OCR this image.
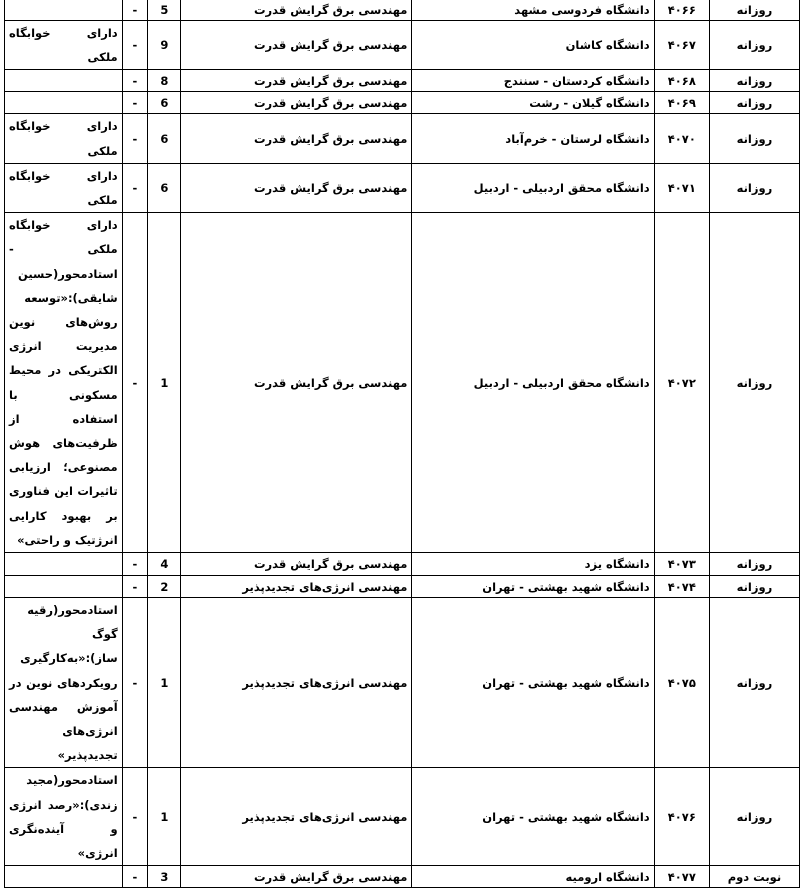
روزانه	۴۰۶۶	دانشگاه فردوسی مشهد	مهندسی برق گرایش قدرت	5	-	
روزانه	۴۰۶۷	دانشگاه کاشان	مهندسی برق گرایش قدرت	9	-	دارای خوابگاه ملکی
روزانه	۴۰۶۸	دانشگاه کردستان - سنندج	مهندسی برق گرایش قدرت	8	-	
روزانه	۴۰۶۹	دانشگاه گیلان - رشت	مهندسی برق گرایش قدرت	6	-	
روزانه	۴۰۷۰	دانشگاه لرستان - خرم‌آباد	مهندسی برق گرایش قدرت	6	-	دارای خوابگاه ملکی
روزانه	۴۰۷۱	دانشگاه محقق اردبیلی - اردبیل	مهندسی برق گرایش قدرت	6	-	دارای خوابگاه ملکی
روزانه	۴۰۷۲	دانشگاه محقق اردبیلی - اردبیل	مهندسی برق گرایش قدرت	1	-	دارای خوابگاه ملکی - استادمحور(حسین شایقی):«توسعه روش‌های نوین مدیریت انرژی الکتریکی در محیط مسکونی با استفاده از ظرفیت‌های هوش مصنوعی؛ ارزیابی تاثیرات این فناوری بر بهبود کارایی انرژتیک و راحتی»
روزانه	۴۰۷۳	دانشگاه یزد	مهندسی برق گرایش قدرت	4	-	
روزانه	۴۰۷۴	دانشگاه شهید بهشتی - تهران	مهندسی انرژی‌های تجدیدپذیر	2	-	
روزانه	۴۰۷۵	دانشگاه شهید بهشتی - تهران	مهندسی انرژی‌های تجدیدپذیر	1	-	استادمحور(رقیه گوگ ساز):«به‌کارگیری رویکردهای نوین در آموزش مهندسی انرژی‌های تجدیدپذیر»
روزانه	۴۰۷۶	دانشگاه شهید بهشتی - تهران	مهندسی انرژی‌های تجدیدپذیر	1	-	استادمحور(مجید زندی):«رصد انرژی و آینده‌نگری انرژی»
نوبت دوم	۴۰۷۷	دانشگاه ارومیه	مهندسی برق گرایش قدرت	3	-	
